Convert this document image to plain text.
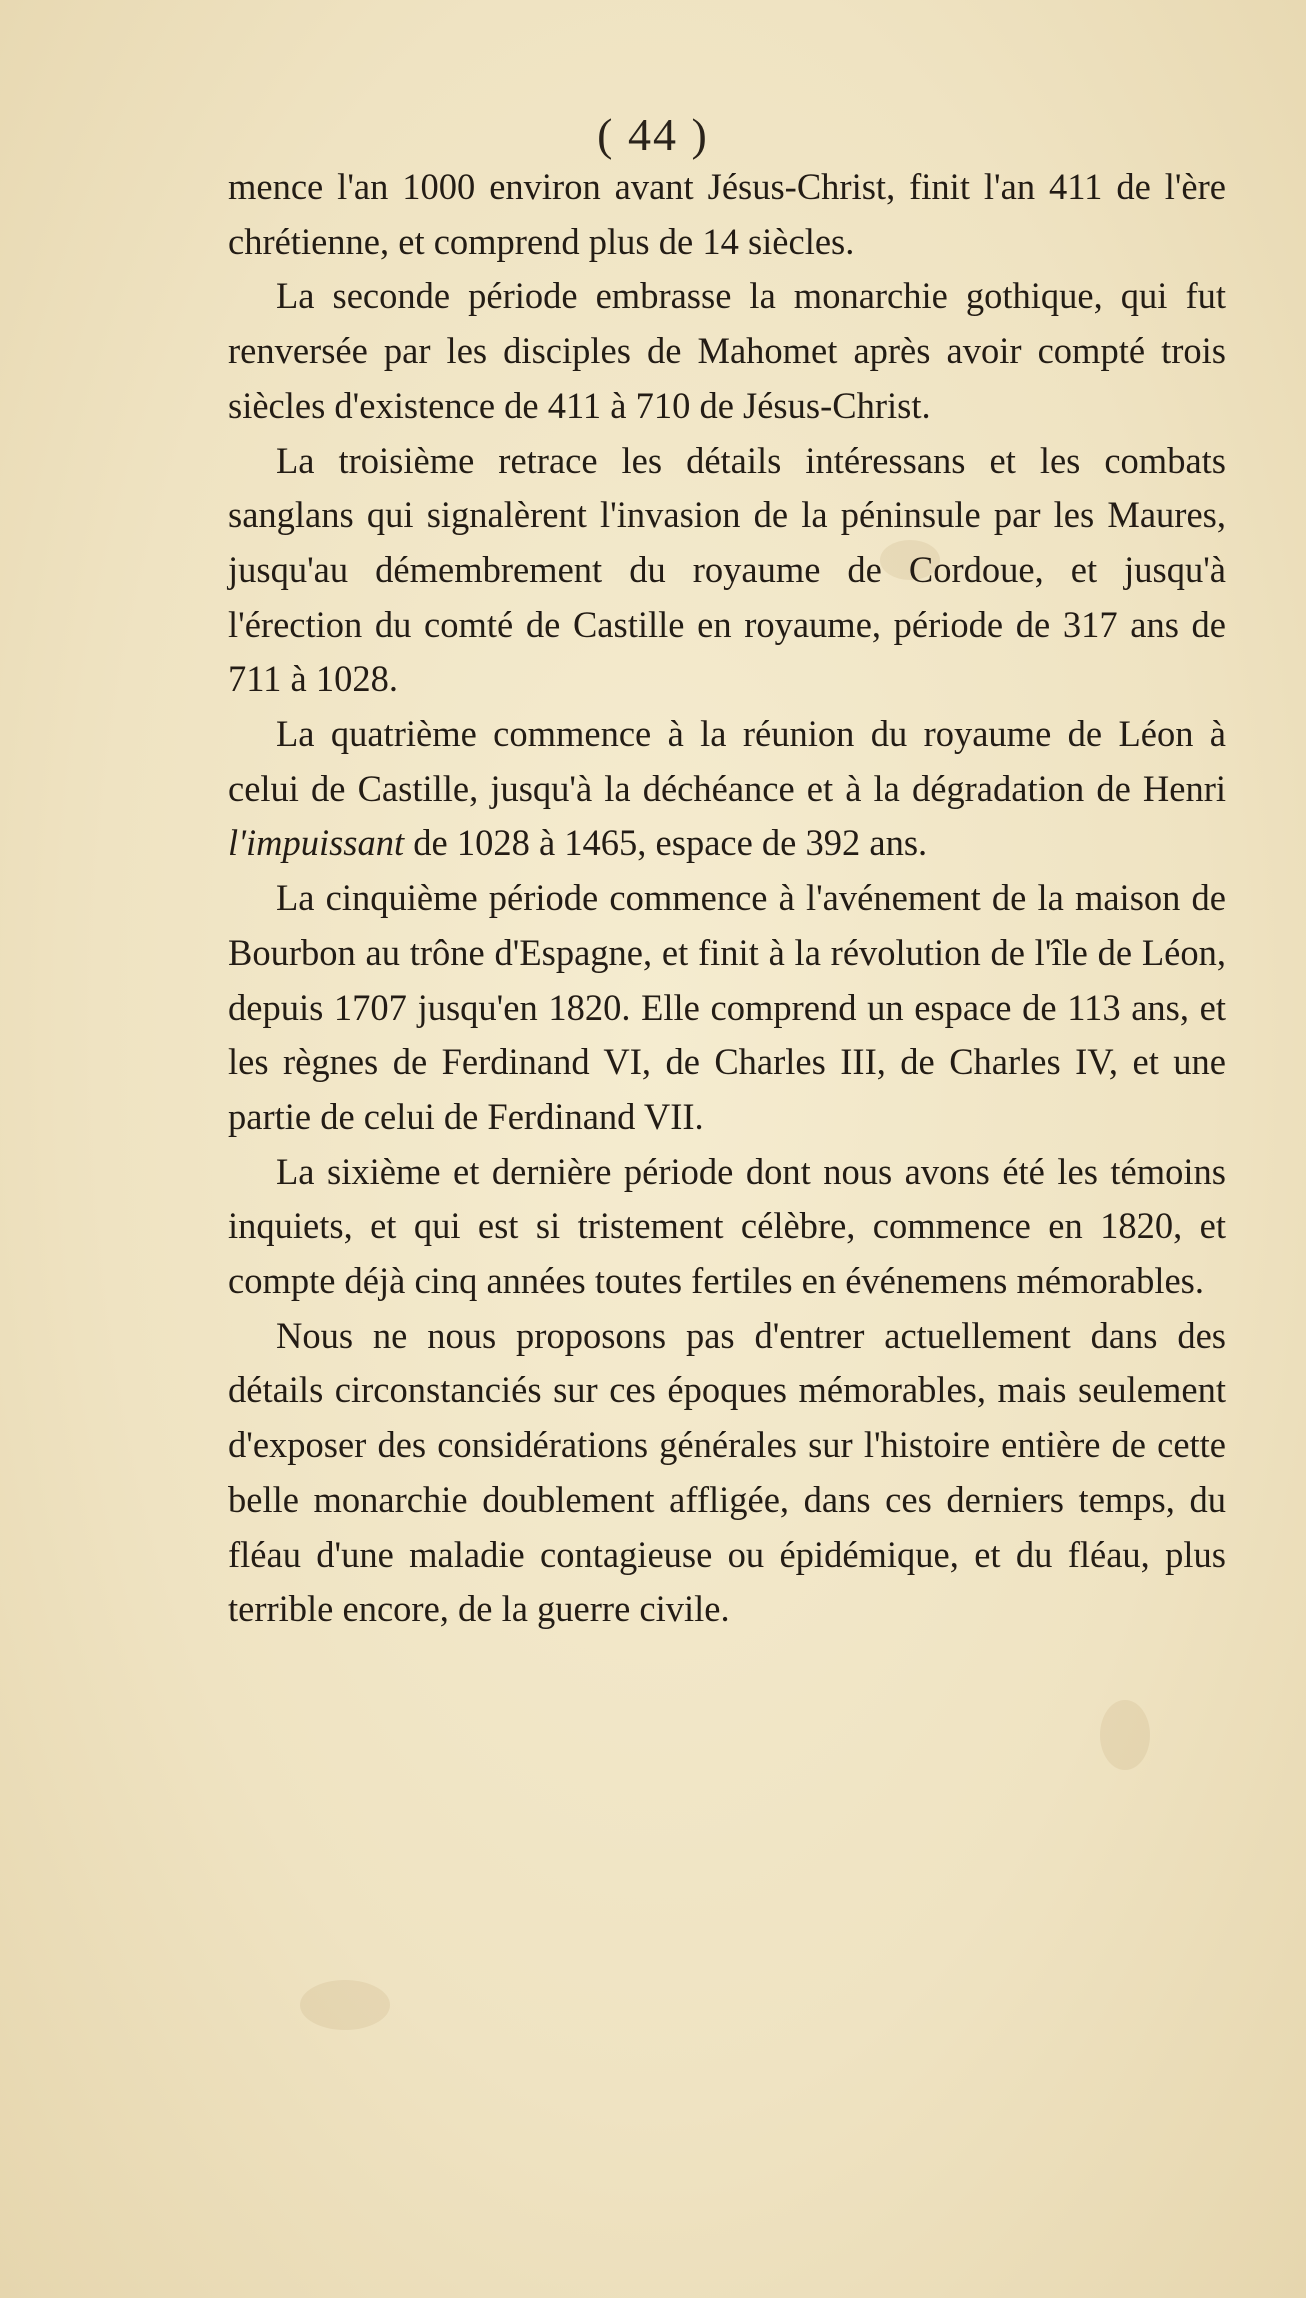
( 44 )

mence l'an 1000 environ avant Jésus-Christ, finit l'an 411 de l'ère chrétienne, et comprend plus de 14 siècles.

La seconde période embrasse la monarchie gothique, qui fut renversée par les disciples de Mahomet après avoir compté trois siècles d'existence de 411 à 710 de Jésus-Christ.

La troisième retrace les détails intéressans et les combats sanglans qui signalèrent l'invasion de la péninsule par les Maures, jusqu'au démembrement du royaume de Cordoue, et jusqu'à l'érection du comté de Castille en royaume, période de 317 ans de 711 à 1028.

La quatrième commence à la réunion du royaume de Léon à celui de Castille, jusqu'à la déchéance et à la dégradation de Henri l'impuissant de 1028 à 1465, espace de 392 ans.

La cinquième période commence à l'avénement de la maison de Bourbon au trône d'Espagne, et finit à la révolution de l'île de Léon, depuis 1707 jusqu'en 1820. Elle comprend un espace de 113 ans, et les règnes de Ferdinand VI, de Charles III, de Charles IV, et une partie de celui de Ferdinand VII.

La sixième et dernière période dont nous avons été les témoins inquiets, et qui est si tristement célèbre, commence en 1820, et compte déjà cinq années toutes fertiles en événemens mémorables.

Nous ne nous proposons pas d'entrer actuellement dans des détails circonstanciés sur ces époques mémorables, mais seulement d'exposer des considérations générales sur l'histoire entière de cette belle monarchie doublement affligée, dans ces derniers temps, du fléau d'une maladie contagieuse ou épidémique, et du fléau, plus terrible encore, de la guerre civile.
